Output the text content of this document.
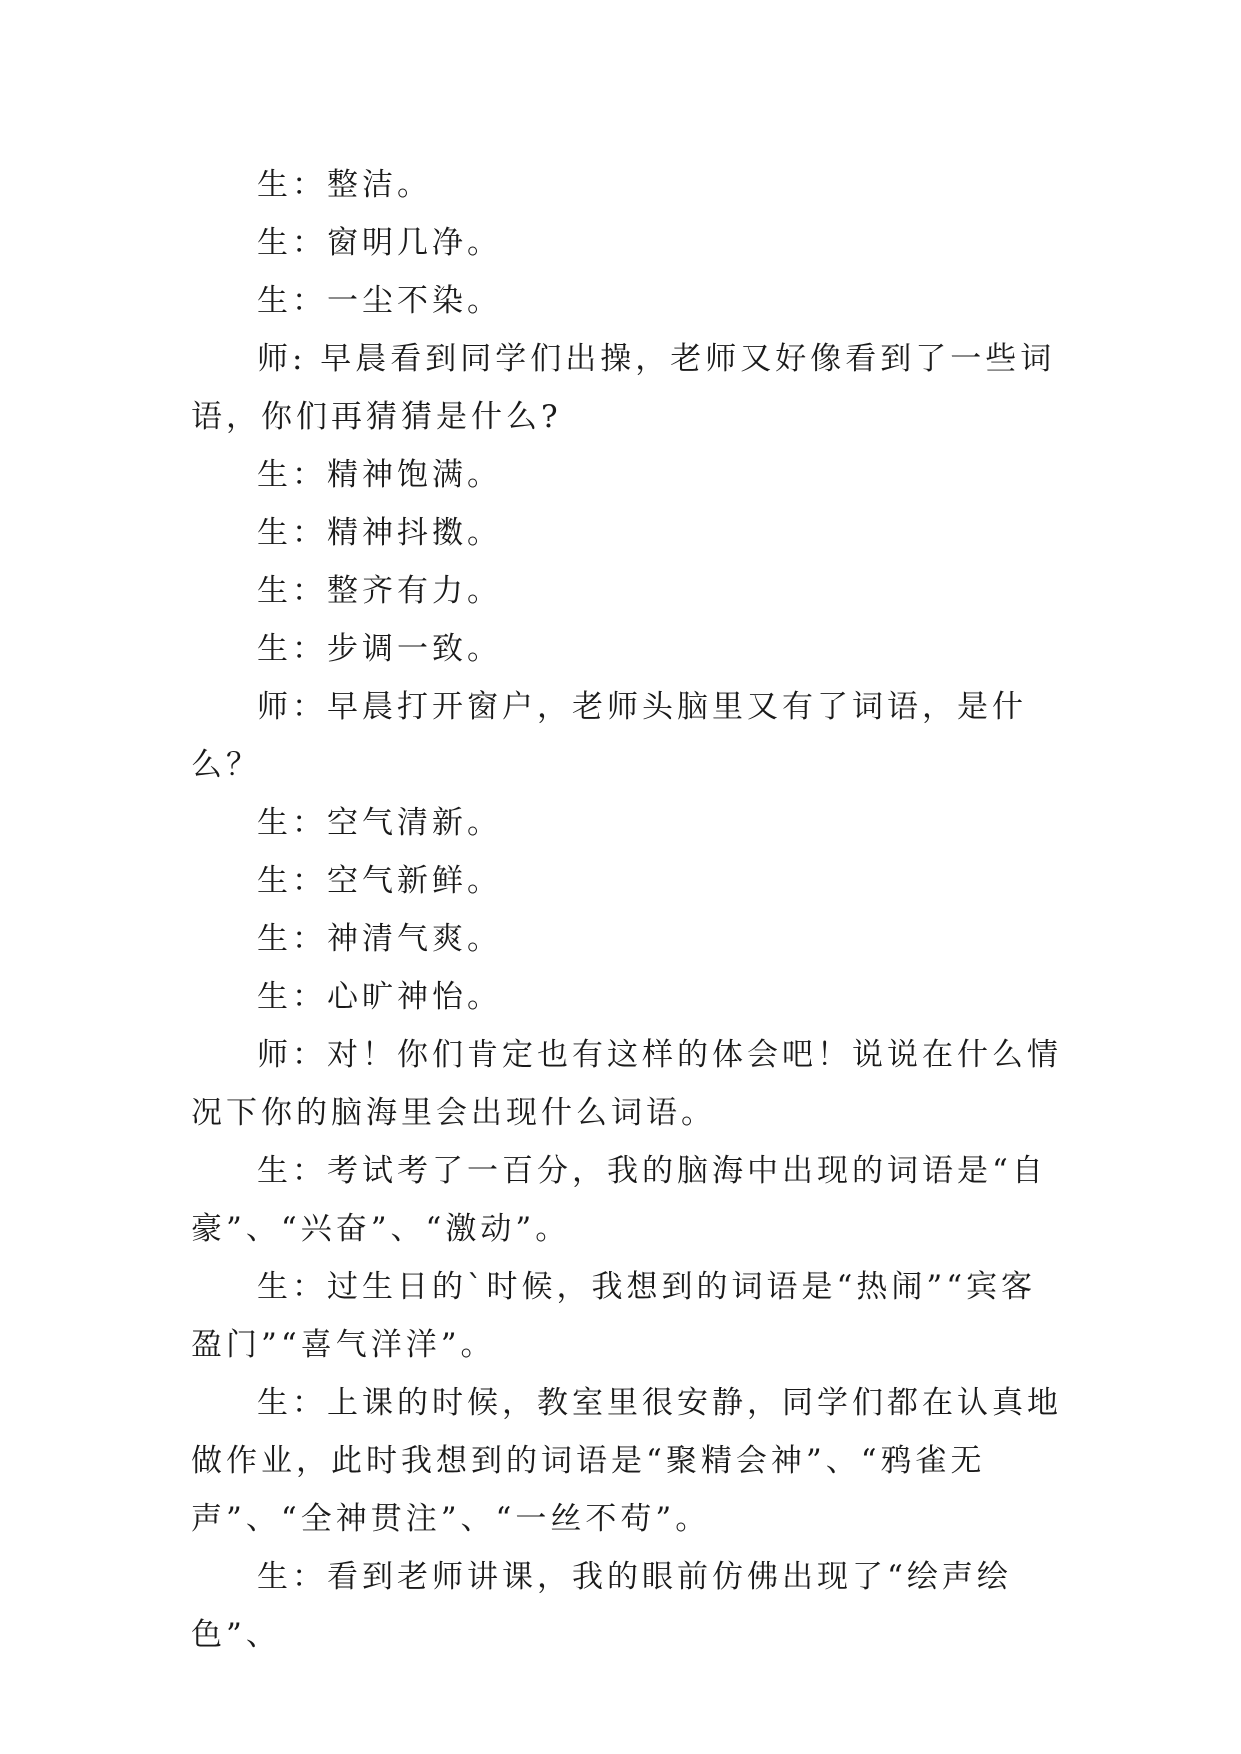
生：整洁。

生：窗明几净。

生：一尘不染。

师: 早晨看到同学们出操，老师又好像看到了一些词语，你们再猜猜是什么?

生：精神饱满。

生：精神抖擞。

生：整齐有力。

生：步调一致。

师：早晨打开窗户，老师头脑里又有了词语，是什么？

生：空气清新。

生：空气新鲜。

生：神清气爽。

生：心旷神怡。

师：对！你们肯定也有这样的体会吧！说说在什么情况下你的脑海里会出现什么词语。

生：考试考了一百分，我的脑海中出现的词语是“自豪”、“兴奋”、“激动”。

生：过生日的`时候，我想到的词语是“热闹”“宾客盈门”“喜气洋洋”。

生：上课的时候，教室里很安静，同学们都在认真地做作业，此时我想到的词语是“聚精会神”、“鸦雀无声”、“全神贯注”、“一丝不苟”。

生：看到老师讲课，我的眼前仿佛出现了“绘声绘色”、
